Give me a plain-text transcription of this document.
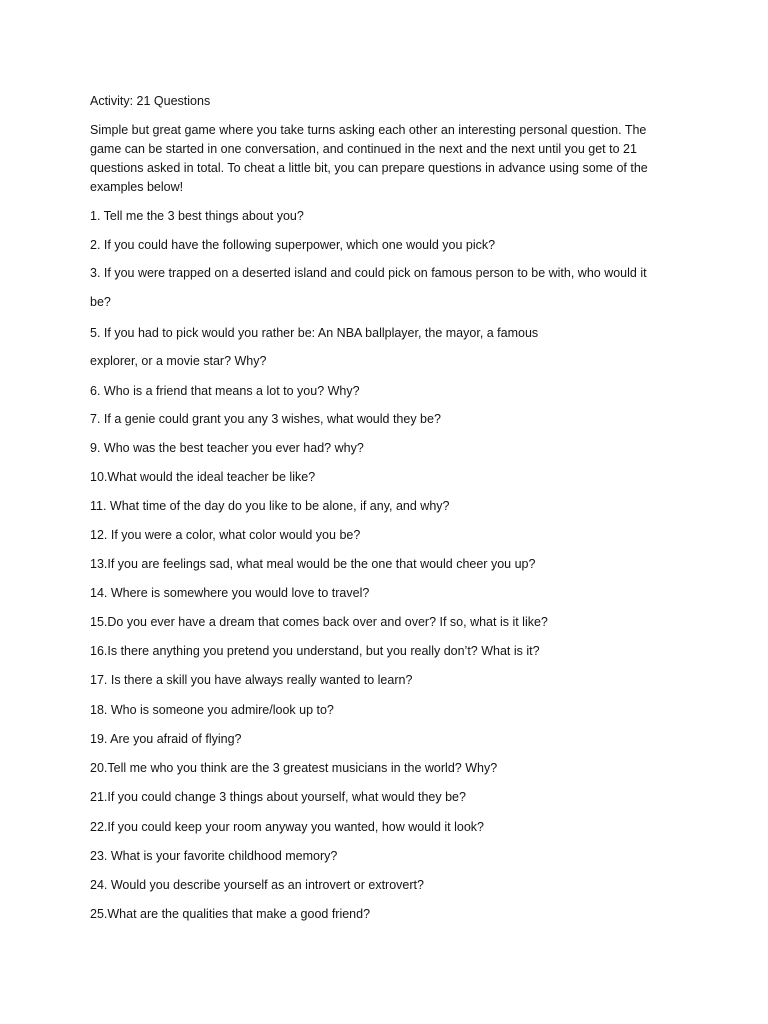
Activity: 21 Questions
Simple but great game where you take turns asking each other an interesting personal question. The game can be started in one conversation, and continued in the next and the next until you get to 21 questions asked in total. To cheat a little bit, you can prepare questions in advance using some of the examples below!
1. Tell me the 3 best things about you?
2. If you could have the following superpower, which one would you pick?
3. If you were trapped on a deserted island and could pick on famous person to be with, who would it
be?
5. If you had to pick would you rather be: An NBA ballplayer, the mayor, a famous
explorer, or a movie star? Why?
6. Who is a friend that means a lot to you? Why?
7. If a genie could grant you any 3 wishes, what would they be?
9. Who was the best teacher you ever had? why?
10.What would the ideal teacher be like?
11. What time of the day do you like to be alone, if any, and why?
12. If you were a color, what color would you be?
13.If you are feelings sad, what meal would be the one that would cheer you up?
14. Where is somewhere you would love to travel?
15.Do you ever have a dream that comes back over and over? If so, what is it like?
16.Is there anything you pretend you understand, but you really don’t? What is it?
17. Is there a skill you have always really wanted to learn?
18. Who is someone you admire/look up to?
19. Are you afraid of flying?
20.Tell me who you think are the 3 greatest musicians in the world? Why?
21.If you could change 3 things about yourself, what would they be?
22.If you could keep your room anyway you wanted, how would it look?
23. What is your favorite childhood memory?
24. Would you describe yourself as an introvert or extrovert?
25.What are the qualities that make a good friend?
